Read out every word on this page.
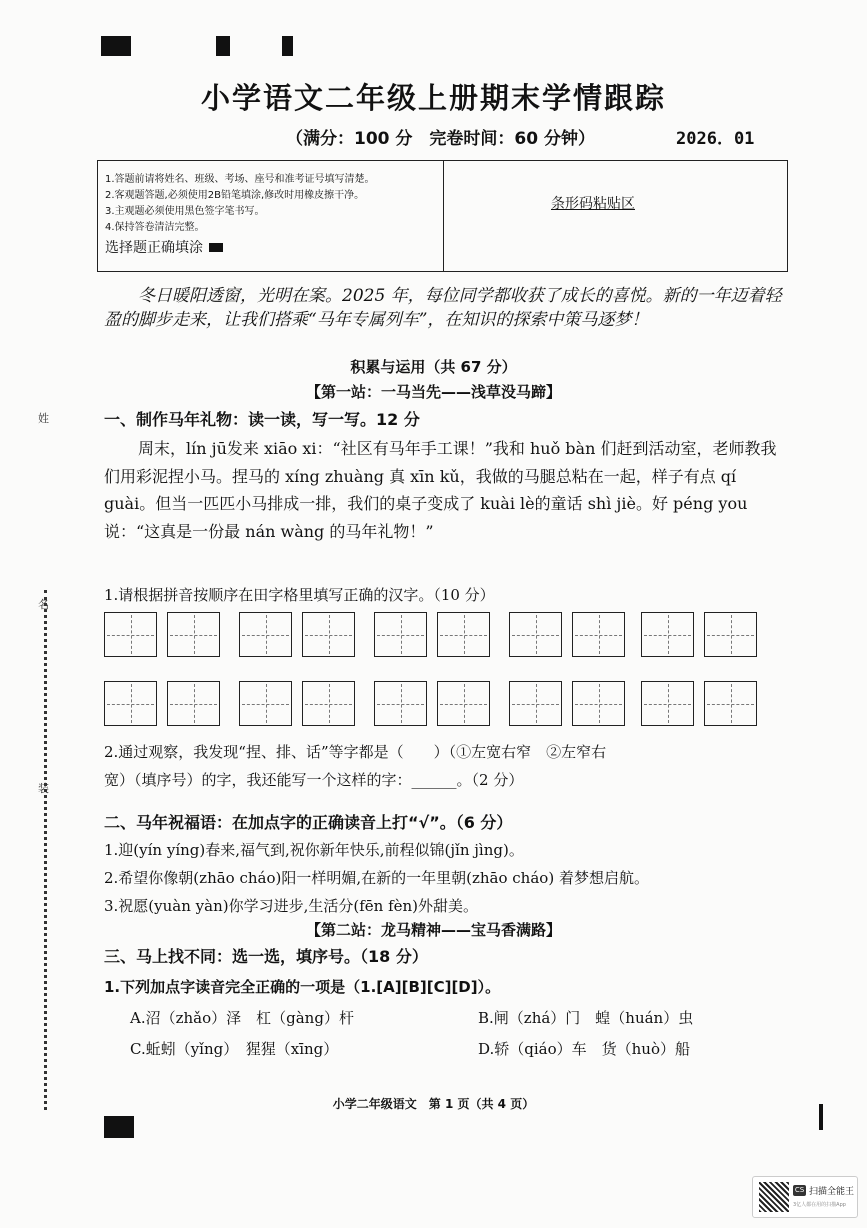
小学语文二年级上册期末学情跟踪
（满分：100 分　完卷时间：60 分钟）	2026．01
1.答题前请将姓名、班级、考场、座号和准考证号填写清楚。
2.客观题答题,必须使用2B铅笔填涂,修改时用橡皮擦干净。
3.主观题必须使用黑色签字笔书写。
4.保持答卷清洁完整。
选择题正确填涂
条形码粘贴区
冬日暖阳透窗，光明在案。2025 年，每位同学都收获了成长的喜悦。新的一年迈着轻盈的脚步走来，让我们搭乘“马年专属列车”，在知识的探索中策马逐梦！
积累与运用（共 67 分）
【第一站：一马当先——浅草没马蹄】
一、制作马年礼物：读一读，写一写。12 分
周末，lín jū发来 xiāo xi：“社区有马年手工课！”我和 huǒ bàn 们赶到活动室，老师教我们用彩泥捏小马。捏马的 xíng zhuàng 真 xīn kǔ，我做的马腿总粘在一起，样子有点 qí guài。但当一匹匹小马排成一排，我们的桌子变成了 kuài lè的童话 shì jiè。好 péng you 说：“这真是一份最 nán wàng 的马年礼物！”
1.请根据拼音按顺序在田字格里填写正确的汉字。（10 分）
2.通过观察，我发现“捏、排、话”等字都是（　　）（①左宽右窄　②左窄右
宽）（填序号）的字，我还能写一个这样的字：______。（2 分）
二、马年祝福语：在加点字的正确读音上打“√”。（6 分）
1.迎(yín yíng)春来,福气到,祝你新年快乐,前程似锦(jǐn jìng)。
2.希望你像朝(zhāo cháo)阳一样明媚,在新的一年里朝(zhāo cháo) 着梦想启航。
3.祝愿(yuàn yàn)你学习进步,生活分(fēn fèn)外甜美。
【第二站：龙马精神——宝马香满路】
三、马上找不同：选一选，填序号。（18 分）
1.下列加点字读音完全正确的一项是（1.[A][B][C][D]）。
A.沼（zhǎo）泽　杠（gàng）杆	B.闸（zhá）门　蝗（huán）虫
C.蚯蚓（yǐng）　猩猩（xīng）	D.轿（qiáo）车　货（huò）船
小学二年级语文　第 1 页（共 4 页）
姓
名
装
CS 扫描全能王
3亿人都在用的扫描App
